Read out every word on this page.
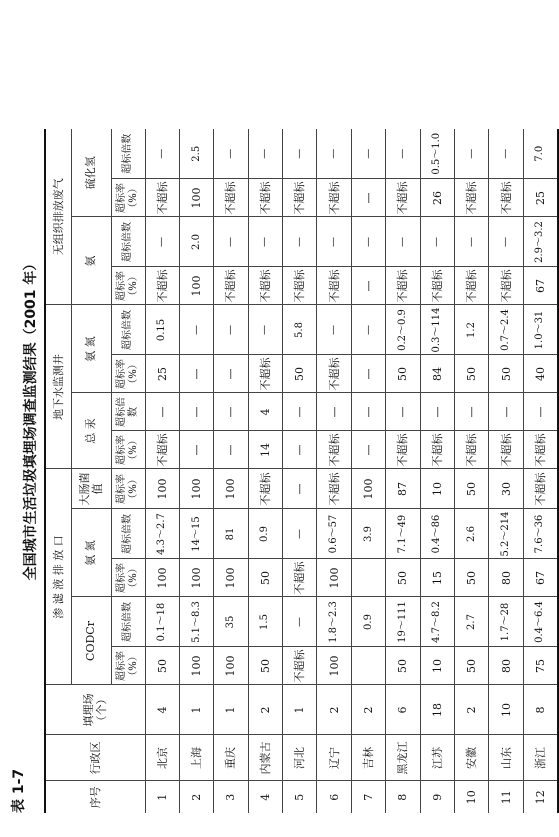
表 1-7
全国城市生活垃圾填埋场调查监测结果（2001 年）
序号	行政区	填埋场（个）	渗 滤 液 排 放 口					地下水监测井				无组织排放废气			
			CODCr		氨 氮		大肠菌值	总 汞		氨 氮		氨		硫化氢	
			超标率（%）	超标倍数	超标率（%）	超标倍数	超标率（%）	超标率（%）	超标倍数	超标率（%）	超标倍数	超标率（%）	超标倍数	超标率（%）	超标倍数
1	北京	4	50	0.1～18	100	4.3～2.7	100	不超标	—	25	0.15	不超标	—	不超标	—
2	上海	1	100	5.1～8.3	100	14～15	100	—	—	—	—	100	2.0	100	2.5
3	重庆	1	100	35	100	81	100	—	—	—	—	不超标	—	不超标	—
4	内蒙古	2	50	1.5	50	0.9	不超标	14	4	不超标	—	不超标	—	不超标	—
5	河北	1	不超标	—	不超标	—	—	—	—	50	5.8	不超标	—	不超标	—
6	辽宁	2	100	1.8～2.3	100	0.6～57	不超标	不超标	—	不超标	—	不超标	—	不超标	—
7	吉林	2		0.9		3.9	100	—	—	—	—	—	—	—	—
8	黑龙江	6	50	19～111	50	7.1～49	87	不超标	—	50	0.2～0.9	不超标	—	不超标	—
9	江苏	18	10	4.7～8.2	15	0.4～86	10	不超标	—	84	0.3～114	不超标	—	26	0.5～1.0
10	安徽	2	50	2.7	50	2.6	50	不超标	—	50	1.2	不超标	—	不超标	—
11	山东	10	80	1.7～28	80	5.2～214	30	不超标	—	50	0.7～2.4	不超标	—	不超标	—
12	浙江	8	75	0.4～6.4	67	7.6～36	不超标	不超标	—	40	1.0～31	67	2.9～3.2	25	7.0
